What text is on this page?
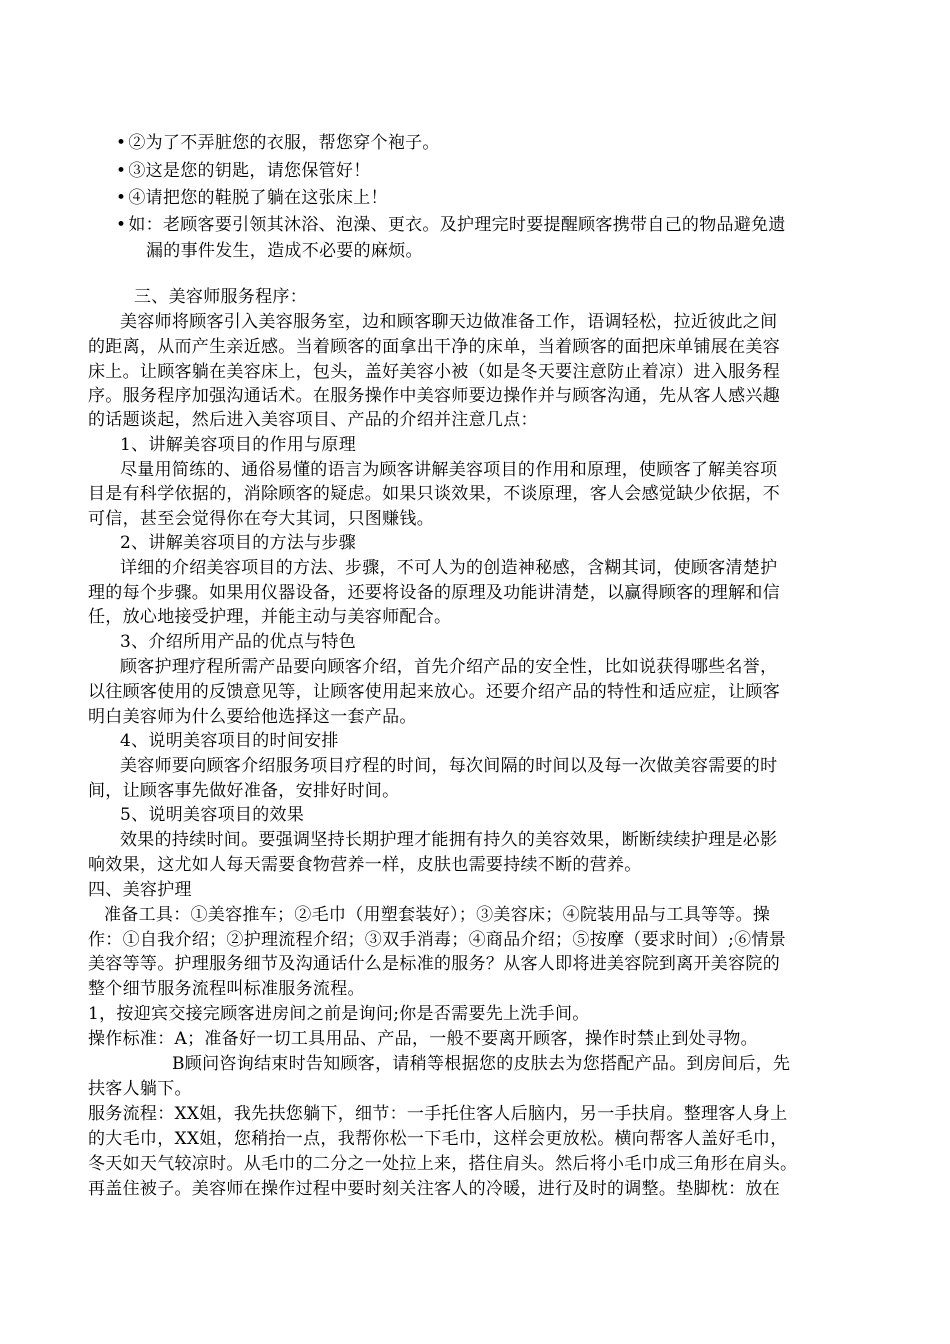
• ②为了不弄脏您的衣服，帮您穿个袍子。
• ③这是您的钥匙，请您保管好！
• ④请把您的鞋脱了躺在这张床上！
• 如：老顾客要引领其沐浴、泡澡、更衣。及护理完时要提醒顾客携带自己的物品避免遗
漏的事件发生，造成不必要的麻烦。
三、美容师服务程序：
美容师将顾客引入美容服务室，边和顾客聊天边做准备工作，语调轻松，拉近彼此之间
的距离，从而产生亲近感。当着顾客的面拿出干净的床单，当着顾客的面把床单铺展在美容
床上。让顾客躺在美容床上，包头，盖好美容小被（如是冬天要注意防止着凉）进入服务程
序。服务程序加强沟通话术。在服务操作中美容师要边操作并与顾客沟通，先从客人感兴趣
的话题谈起，然后进入美容项目、产品的介绍并注意几点：
1、讲解美容项目的作用与原理
尽量用简练的、通俗易懂的语言为顾客讲解美容项目的作用和原理，使顾客了解美容项
目是有科学依据的，消除顾客的疑虑。如果只谈效果，不谈原理，客人会感觉缺少依据，不
可信，甚至会觉得你在夸大其词，只图赚钱。
2、讲解美容项目的方法与步骤
详细的介绍美容项目的方法、步骤，不可人为的创造神秘感，含糊其词，使顾客清楚护
理的每个步骤。如果用仪器设备，还要将设备的原理及功能讲清楚，以赢得顾客的理解和信
任，放心地接受护理，并能主动与美容师配合。
3、介绍所用产品的优点与特色
顾客护理疗程所需产品要向顾客介绍，首先介绍产品的安全性，比如说获得哪些名誉，
以往顾客使用的反馈意见等，让顾客使用起来放心。还要介绍产品的特性和适应症，让顾客
明白美容师为什么要给他选择这一套产品。
4、说明美容项目的时间安排
美容师要向顾客介绍服务项目疗程的时间，每次间隔的时间以及每一次做美容需要的时
间，让顾客事先做好准备，安排好时间。
5、说明美容项目的效果
效果的持续时间。要强调坚持长期护理才能拥有持久的美容效果，断断续续护理是必影
响效果，这尤如人每天需要食物营养一样，皮肤也需要持续不断的营养。
四、美容护理
准备工具：①美容推车；②毛巾（用塑套装好）；③美容床；④院装用品与工具等等。操
作：①自我介绍；②护理流程介绍；③双手消毒；④商品介绍；⑤按摩（要求时间）;⑥情景
美容等等。护理服务细节及沟通话什么是标准的服务？从客人即将进美容院到离开美容院的
整个细节服务流程叫标准服务流程。
1，按迎宾交接完顾客进房间之前是询问;你是否需要先上洗手间。
操作标准：A；准备好一切工具用品、产品，一般不要离开顾客，操作时禁止到处寻物。
B顾问咨询结束时告知顾客，请稍等根据您的皮肤去为您搭配产品。到房间后，先
扶客人躺下。
服务流程：XX姐，我先扶您躺下，细节：一手托住客人后脑内，另一手扶肩。整理客人身上
的大毛巾，XX姐，您稍抬一点，我帮你松一下毛巾，这样会更放松。横向帮客人盖好毛巾，
冬天如天气较凉时。从毛巾的二分之一处拉上来，搭住肩头。然后将小毛巾成三角形在肩头。
再盖住被子。美容师在操作过程中要时刻关注客人的冷暖，进行及时的调整。垫脚枕：放在
